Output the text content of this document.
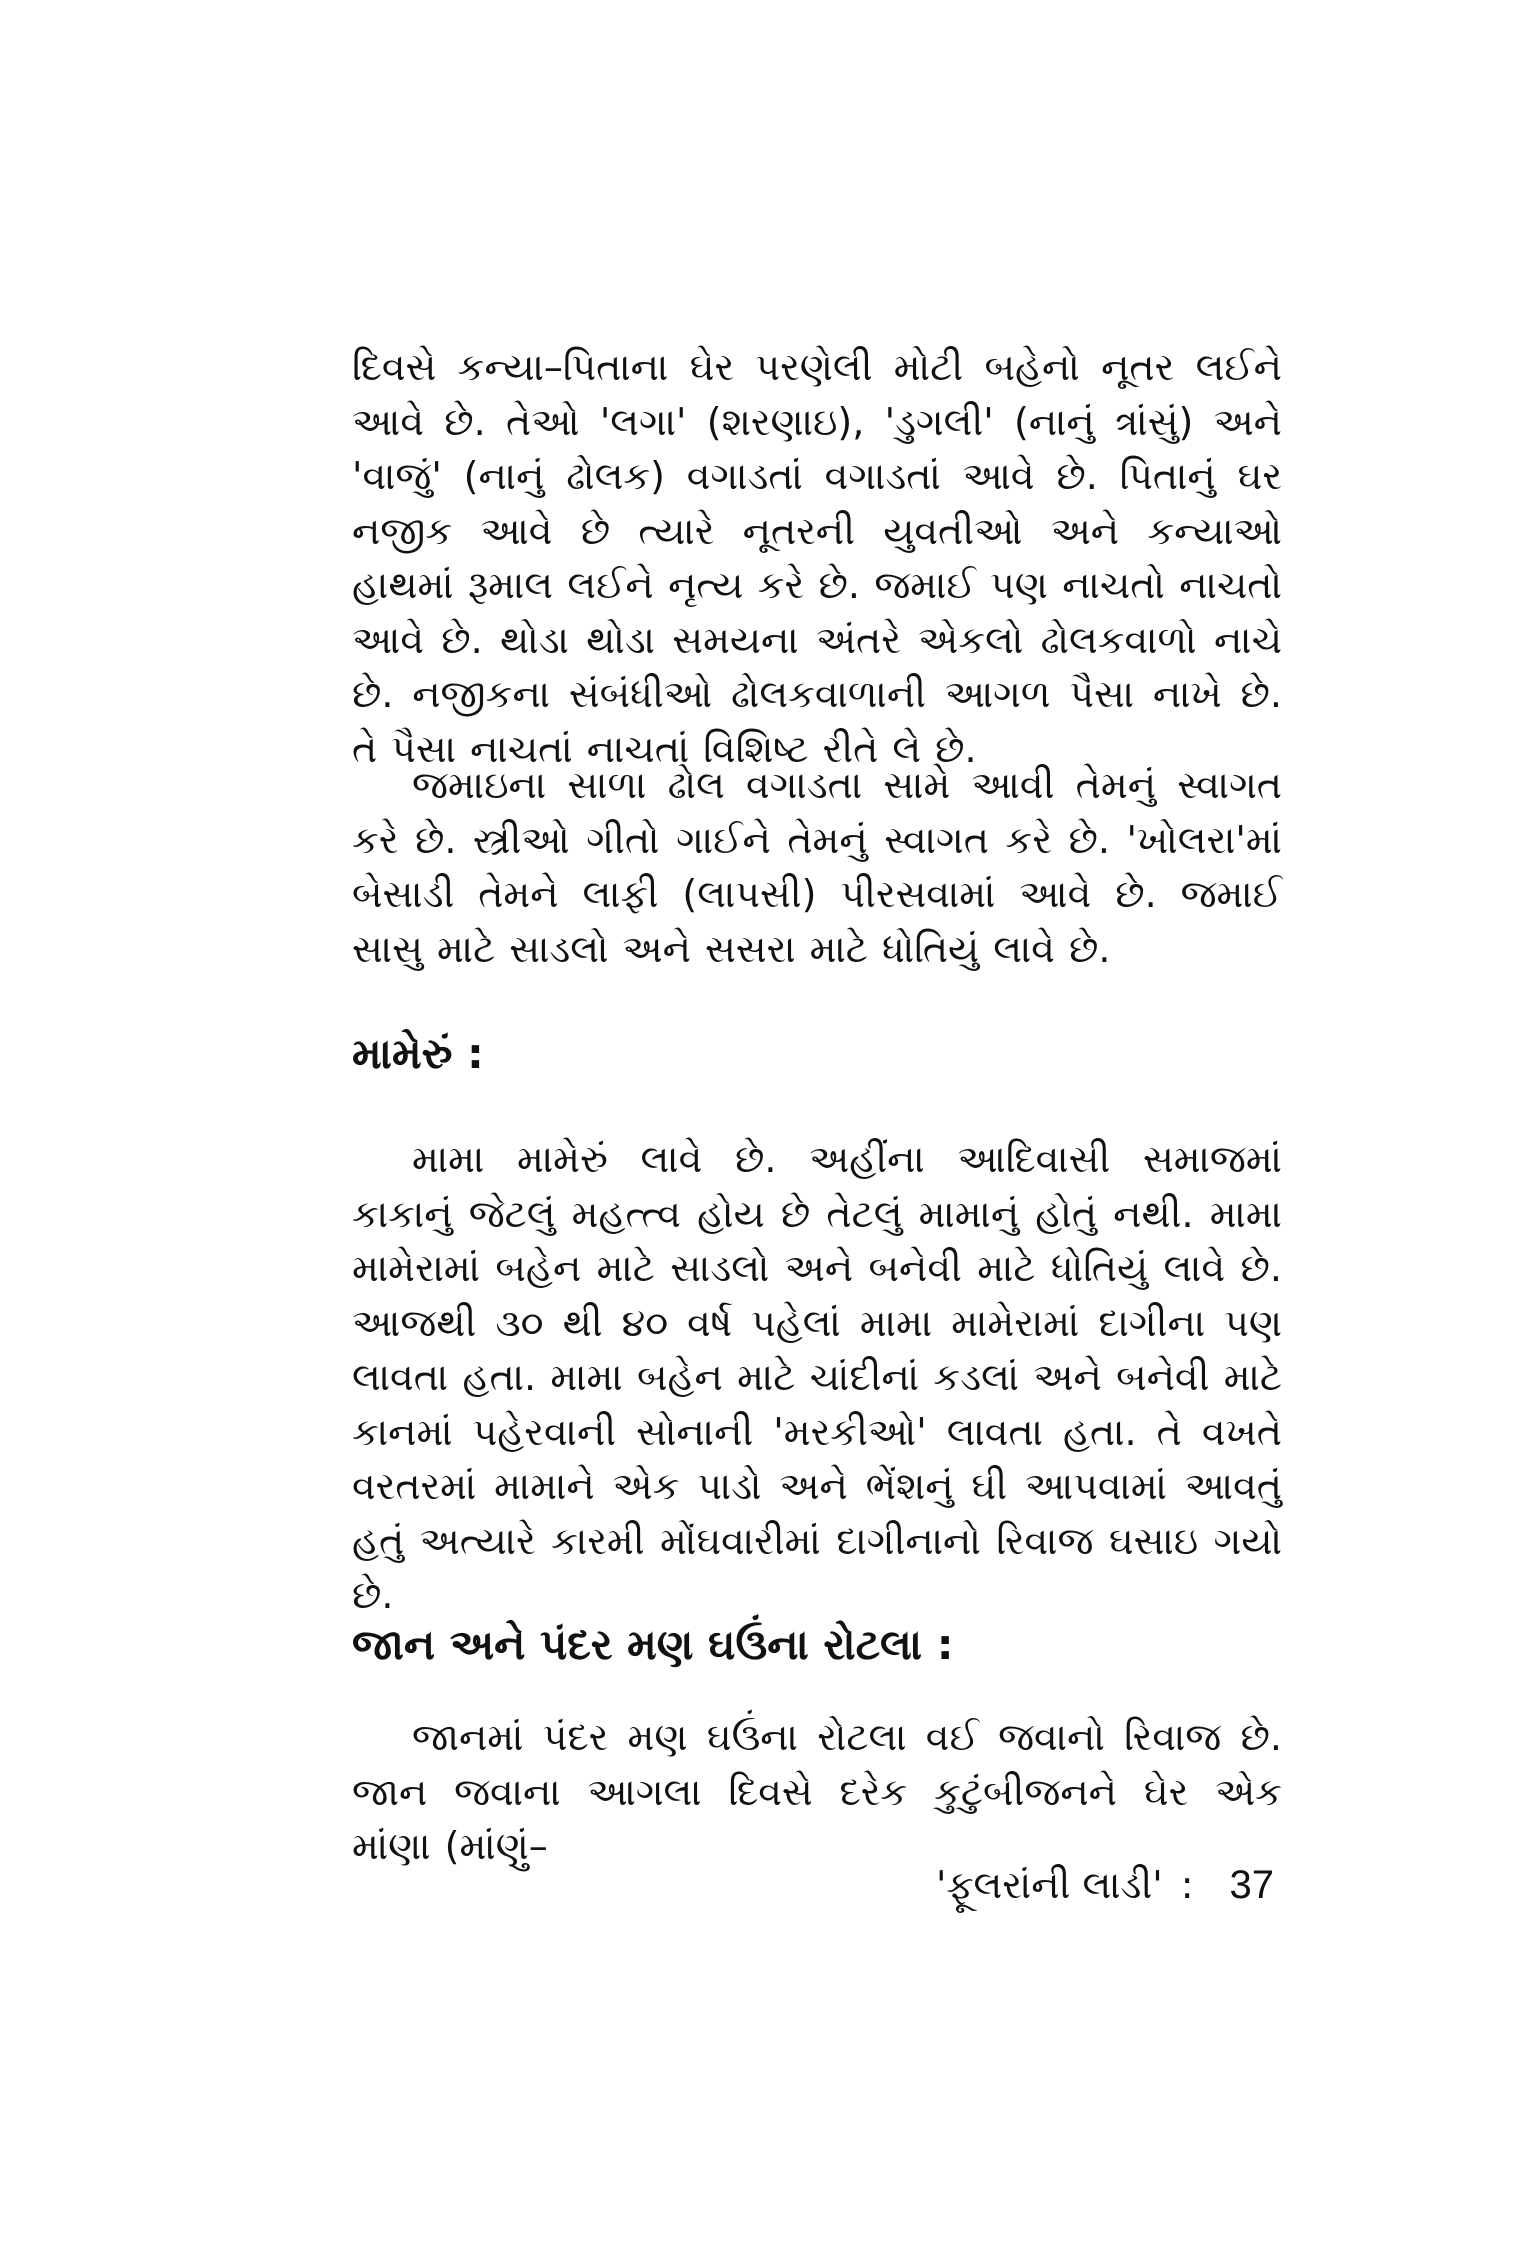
દિવસે કન્યા–પિતાના ઘેર પરણેલી મોટી બહેનો નૂતર લઈને આવે છે. તેઓ 'લગા' (શરણાઇ), 'ડુગલી' (નાનું ત્રાંસું) અને 'વાજું' (નાનું ઢોલક) વગાડતાં વગાડતાં આવે છે. પિતાનું ઘર નજીક આવે છે ત્યારે નૂતરની યુવતીઓ અને કન્યાઓ હાથમાં રૂમાલ લઈને નૃત્ય કરે છે. જમાઈ પણ નાચતો નાચતો આવે છે. થોડા થોડા સમયના અંતરે એકલો ઢોલકવાળો નાચે છે. નજીકના સંબંધીઓ ઢોલકવાળાની આગળ પૈસા નાખે છે. તે પૈસા નાચતાં નાચતાં વિશિષ્ટ રીતે લે છે.

જમાઇના સાળા ઢોલ વગાડતા સામે આવી તેમનું સ્વાગત કરે છે. સ્ત્રીઓ ગીતો ગાઈને તેમનું સ્વાગત કરે છે. 'ખોલરા'માં બેસાડી તેમને લાફી (લાપસી) પીરસવામાં આવે છે. જમાઈ સાસુ માટે સાડલો અને સસરા માટે ધોતિયું લાવે છે.

મામેરું :

મામા મામેરું લાવે છે. અહીંના આદિવાસી સમાજમાં કાકાનું જેટલું મહત્ત્વ હોય છે તેટલું મામાનું હોતું નથી. મામા મામેરામાં બહેન માટે સાડલો અને બનેવી માટે ધોતિયું લાવે છે. આજથી ૩૦ થી ૪૦ વર્ષ પહેલાં મામા મામેરામાં દાગીના પણ લાવતા હતા. મામા બહેન માટે ચાંદીનાં કડલાં અને બનેવી માટે કાનમાં પહેરવાની સોનાની 'મરકીઓ' લાવતા હતા. તે વખતે વરતરમાં મામાને એક પાડો અને ભેંશનું ઘી આપવામાં આવતું હતું અત્યારે કારમી મોંઘવારીમાં દાગીનાનો રિવાજ ઘસાઇ ગયો છે.

જાન અને પંદર મણ ઘઉંના રોટલા :

જાનમાં પંદર મણ ઘઉંના રોટલા વઈ જવાનો રિવાજ છે. જાન જવાના આગલા દિવસે દરેક કુટુંબીજનને ઘેર એક માંણા (માંણું–

'ફૂલરાંની લાડી' : 37
